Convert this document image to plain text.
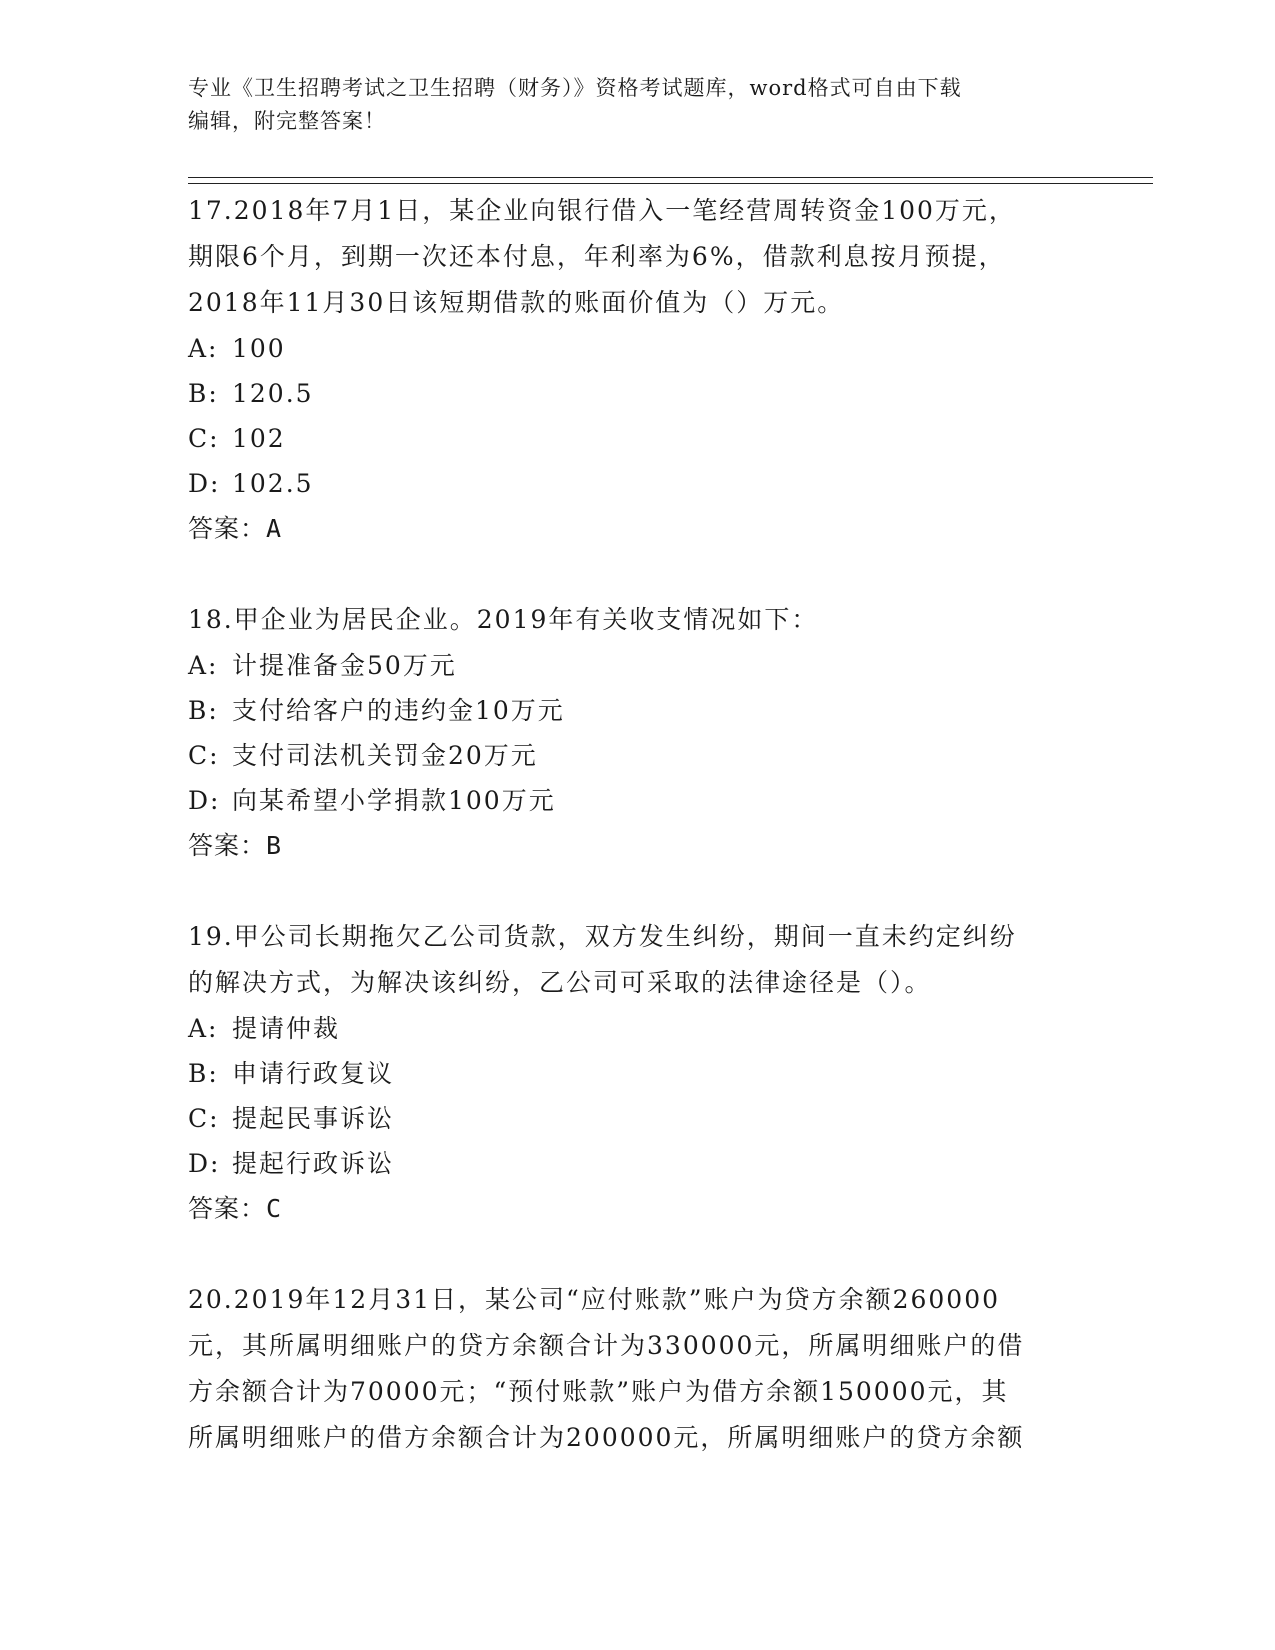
专业《卫生招聘考试之卫生招聘（财务）》资格考试题库，word格式可自由下载
编辑，附完整答案！

17.2018年7月1日，某企业向银行借入一笔经营周转资金100万元，

期限6个月，到期一次还本付息，年利率为6%，借款利息按月预提，

2018年11月30日该短期借款的账面价值为（）万元。

A: 100
B: 120.5
C: 102
D: 102.5
答案： A

18.甲企业为居民企业。2019年有关收支情况如下：

A: 计提准备金50万元
B: 支付给客户的违约金10万元
C: 支付司法机关罚金20万元
D: 向某希望小学捐款100万元
答案： B

19.甲公司长期拖欠乙公司货款，双方发生纠纷，期间一直未约定纠纷

的解决方式，为解决该纠纷，乙公司可采取的法律途径是（）。

A: 提请仲裁
B: 申请行政复议
C: 提起民事诉讼
D: 提起行政诉讼
答案： C

20.2019年12月31日，某公司“应付账款”账户为贷方余额260000

元，其所属明细账户的贷方余额合计为330000元，所属明细账户的借

方余额合计为70000元；“预付账款”账户为借方余额150000元，其

所属明细账户的借方余额合计为200000元，所属明细账户的贷方余额
